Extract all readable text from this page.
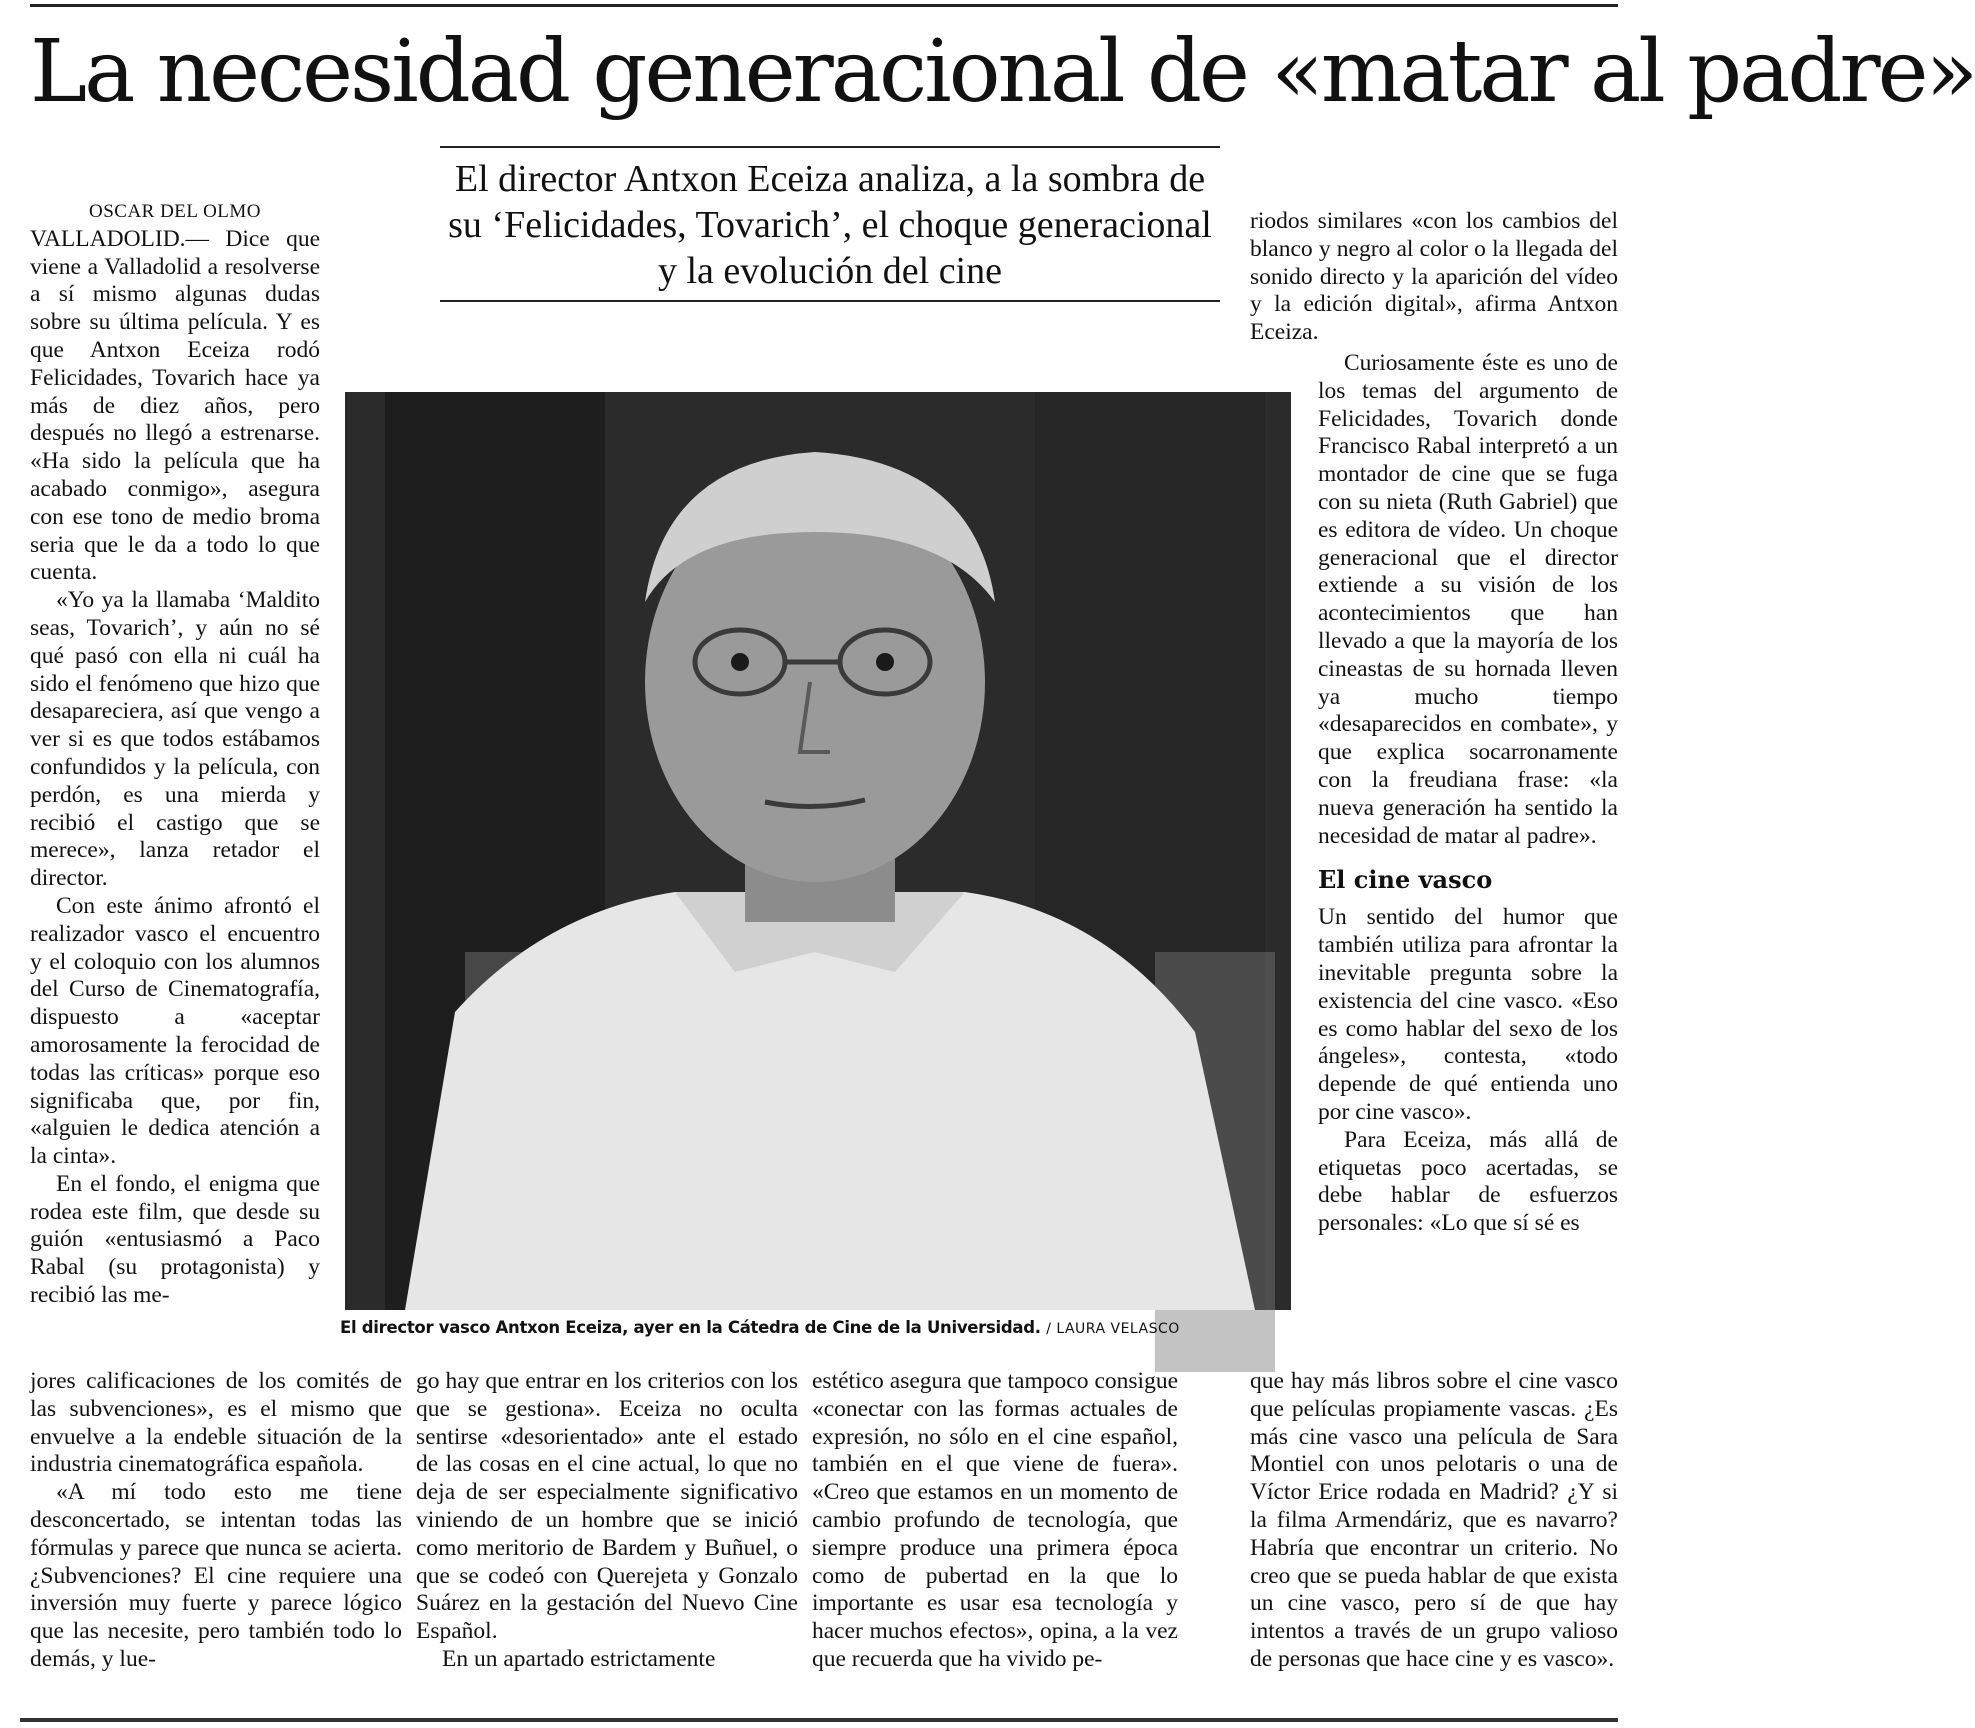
La necesidad generacional de «matar al padre»

El director Antxon Eceiza analiza, a la sombra de su ‘Felicidades, Tovarich’, el choque generacional y la evolución del cine

OSCAR DEL OLMO

VALLADOLID.— Dice que viene a Valladolid a resolverse a sí mismo algunas dudas sobre su última película. Y es que Antxon Eceiza rodó Felicidades, Tovarich hace ya más de diez años, pero después no llegó a estrenarse. «Ha sido la película que ha acabado conmigo», asegura con ese tono de medio broma seria que le da a todo lo que cuenta.

«Yo ya la llamaba ‘Maldito seas, Tovarich’, y aún no sé qué pasó con ella ni cuál ha sido el fenómeno que hizo que desapareciera, así que vengo a ver si es que todos estábamos confundidos y la película, con perdón, es una mierda y recibió el castigo que se merece», lanza retador el director.

Con este ánimo afrontó el realizador vasco el encuentro y el coloquio con los alumnos del Curso de Cinematografía, dispuesto a «aceptar amorosamente la ferocidad de todas las críticas» porque eso significaba que, por fin, «alguien le dedica atención a la cinta».

En el fondo, el enigma que rodea este film, que desde su guión «entusiasmó a Paco Rabal (su protagonista) y recibió las me-

jores calificaciones de los comités de las subvenciones», es el mismo que envuelve a la endeble situación de la industria cinematográfica española.

«A mí todo esto me tiene desconcertado, se intentan todas las fórmulas y parece que nunca se acierta. ¿Subvenciones? El cine requiere una inversión muy fuerte y parece lógico que las necesite, pero también todo lo demás, y lue-

El director vasco Antxon Eceiza, ayer en la Cátedra de Cine de la Universidad. / LAURA VELASCO

go hay que entrar en los criterios con los que se gestiona». Eceiza no oculta sentirse «desorientado» ante el estado de las cosas en el cine actual, lo que no deja de ser especialmente significativo viniendo de un hombre que se inició como meritorio de Bardem y Buñuel, o que se codeó con Querejeta y Gonzalo Suárez en la gestación del Nuevo Cine Español.

En un apartado estrictamente

estético asegura que tampoco consigue «conectar con las formas actuales de expresión, no sólo en el cine español, también en el que viene de fuera». «Creo que estamos en un momento de cambio profundo de tecnología, que siempre produce una primera época como de pubertad en la que lo importante es usar esa tecnología y hacer muchos efectos», opina, a la vez que recuerda que ha vivido pe-

riodos similares «con los cambios del blanco y negro al color o la llegada del sonido directo y la aparición del vídeo y la edición digital», afirma Antxon Eceiza.

Curiosamente éste es uno de los temas del argumento de Felicidades, Tovarich donde Francisco Rabal interpretó a un montador de cine que se fuga con su nieta (Ruth Gabriel) que es editora de vídeo. Un choque generacional que el director extiende a su visión de los acontecimientos que han llevado a que la mayoría de los cineastas de su hornada lleven ya mucho tiempo «desaparecidos en combate», y que explica socarronamente con la freudiana frase: «la nueva generación ha sentido la necesidad de matar al padre».

El cine vasco

Un sentido del humor que también utiliza para afrontar la inevitable pregunta sobre la existencia del cine vasco. «Eso es como hablar del sexo de los ángeles», contesta, «todo depende de qué entienda uno por cine vasco».

Para Eceiza, más allá de etiquetas poco acertadas, se debe hablar de esfuerzos personales: «Lo que sí sé es

que hay más libros sobre el cine vasco que películas propiamente vascas. ¿Es más cine vasco una película de Sara Montiel con unos pelotaris o una de Víctor Erice rodada en Madrid? ¿Y si la filma Armendáriz, que es navarro? Habría que encontrar un criterio. No creo que se pueda hablar de que exista un cine vasco, pero sí de que hay intentos a través de un grupo valioso de personas que hace cine y es vasco».
